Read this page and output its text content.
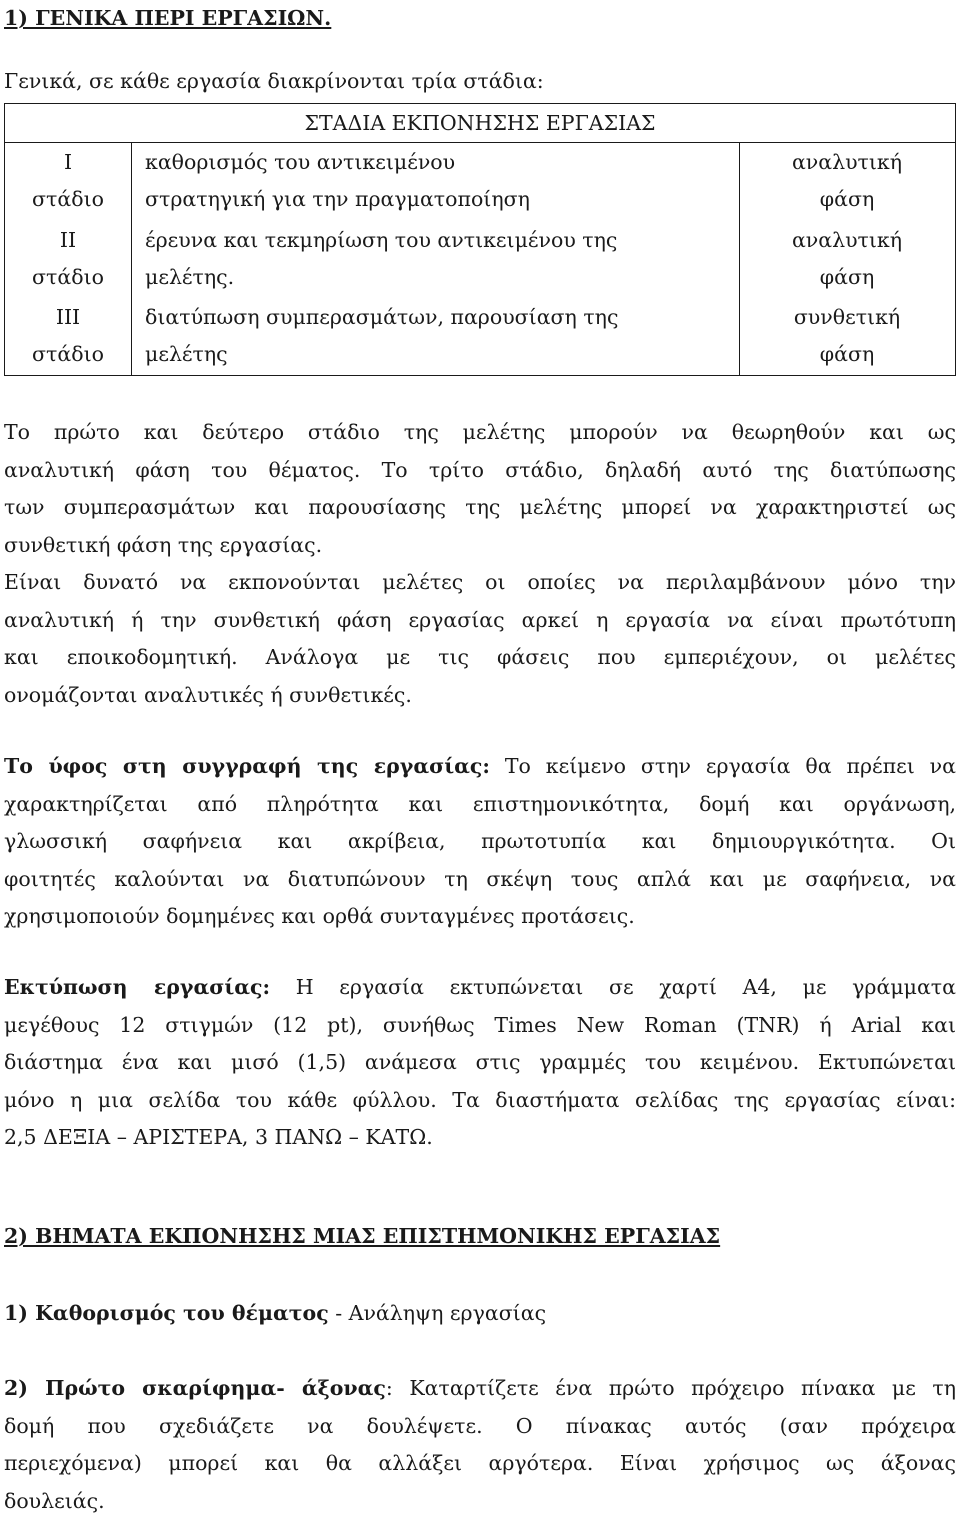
1) ΓΕΝΙΚΑ ΠΕΡΙ ΕΡΓΑΣΙΩΝ.
Γενικά, σε κάθε εργασία διακρίνονται τρία στάδια:
ΣΤΑΔΙΑ ΕΚΠΟΝΗΣΗΣ ΕΡΓΑΣΙΑΣ
I
στάδιο
καθορισμός του αντικειμένου
στρατηγική για την πραγματοποίηση
αναλυτική
φάση
II
στάδιο
έρευνα και τεκμηρίωση του αντικειμένου της
μελέτης.
αναλυτική
φάση
III
στάδιο
διατύπωση συμπερασμάτων, παρουσίαση της
μελέτης
συνθετική
φάση
Το πρώτο και δεύτερο στάδιο της μελέτης μπορούν να θεωρηθούν και ως
αναλυτική φάση του θέματος. Το τρίτο στάδιο, δηλαδή αυτό της διατύπωσης
των συμπερασμάτων και παρουσίασης της μελέτης μπορεί να χαρακτηριστεί ως
συνθετική φάση της εργασίας.
Είναι δυνατό να εκπονούνται μελέτες οι οποίες να περιλαμβάνουν μόνο την
αναλυτική ή την συνθετική φάση εργασίας αρκεί η εργασία να είναι πρωτότυπη
και εποικοδομητική. Ανάλογα με τις φάσεις που εμπεριέχουν, οι μελέτες
ονομάζονται αναλυτικές ή συνθετικές.
Το ύφος στη συγγραφή της εργασίας: Το κείμενο στην εργασία θα πρέπει να
χαρακτηρίζεται από πληρότητα και επιστημονικότητα, δομή και οργάνωση,
γλωσσική σαφήνεια και ακρίβεια, πρωτοτυπία και δημιουργικότητα. Οι
φοιτητές καλούνται να διατυπώνουν τη σκέψη τους απλά και με σαφήνεια, να
χρησιμοποιούν δομημένες και ορθά συνταγμένες προτάσεις.
Εκτύπωση εργασίας: Η εργασία εκτυπώνεται σε χαρτί Α4, με γράμματα
μεγέθους 12 στιγμών (12 pt), συνήθως Times New Roman (TNR) ή Arial και
διάστημα ένα και μισό (1,5) ανάμεσα στις γραμμές του κειμένου. Εκτυπώνεται
μόνο η μια σελίδα του κάθε φύλλου. Τα διαστήματα σελίδας της εργασίας είναι:
2,5 ΔΕΞΙΑ – ΑΡΙΣΤΕΡΑ, 3 ΠΑΝΩ – ΚΑΤΩ.
2) ΒΗΜΑΤΑ ΕΚΠΟΝΗΣΗΣ ΜΙΑΣ ΕΠΙΣΤΗΜΟΝΙΚΗΣ ΕΡΓΑΣΙΑΣ
1) Καθορισμός του θέματος - Ανάληψη εργασίας
2) Πρώτο σκαρίφημα- άξονας: Καταρτίζετε ένα πρώτο πρόχειρο πίνακα με τη
δομή που σχεδιάζετε να δουλέψετε. Ο πίνακας αυτός (σαν πρόχειρα
περιεχόμενα) μπορεί και θα αλλάξει αργότερα. Είναι χρήσιμος ως άξονας
δουλειάς.
